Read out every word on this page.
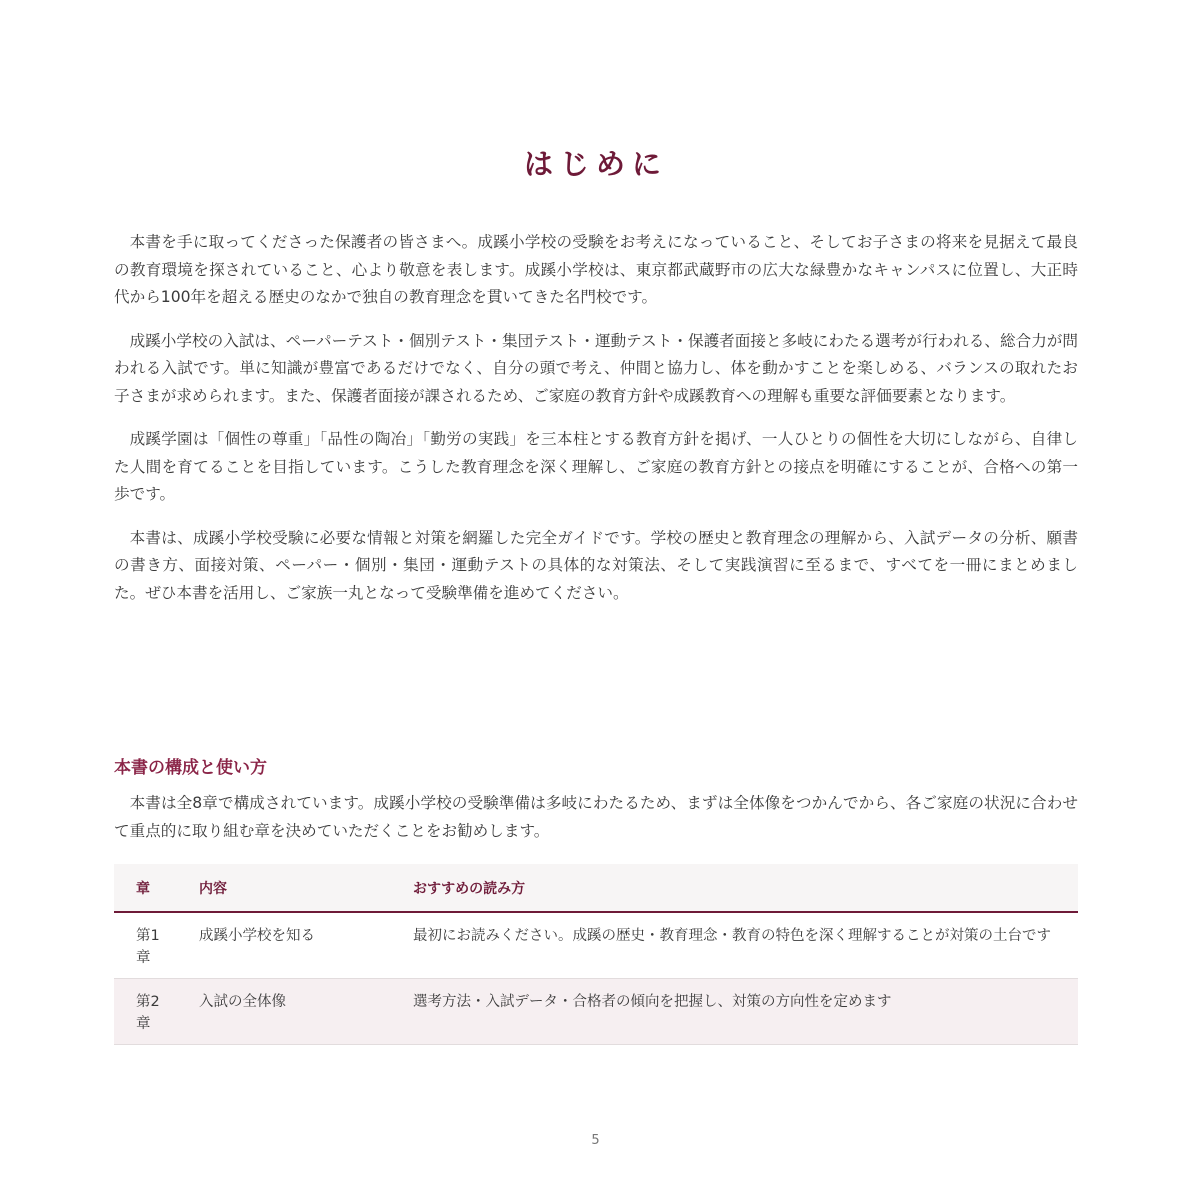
はじめに

本書を手に取ってくださった保護者の皆さまへ。成蹊小学校の受験をお考えになっていること、そしてお子さまの将来を見据えて最良の教育環境を探されていること、心より敬意を表します。成蹊小学校は、東京都武蔵野市の広大な緑豊かなキャンパスに位置し、大正時代から100年を超える歴史のなかで独自の教育理念を貫いてきた名門校です。

成蹊小学校の入試は、ペーパーテスト・個別テスト・集団テスト・運動テスト・保護者面接と多岐にわたる選考が行われる、総合力が問われる入試です。単に知識が豊富であるだけでなく、自分の頭で考え、仲間と協力し、体を動かすことを楽しめる、バランスの取れたお子さまが求められます。また、保護者面接が課されるため、ご家庭の教育方針や成蹊教育への理解も重要な評価要素となります。

成蹊学園は「個性の尊重」「品性の陶冶」「勤労の実践」を三本柱とする教育方針を掲げ、一人ひとりの個性を大切にしながら、自律した人間を育てることを目指しています。こうした教育理念を深く理解し、ご家庭の教育方針との接点を明確にすることが、合格への第一歩です。

本書は、成蹊小学校受験に必要な情報と対策を網羅した完全ガイドです。学校の歴史と教育理念の理解から、入試データの分析、願書の書き方、面接対策、ペーパー・個別・集団・運動テストの具体的な対策法、そして実践演習に至るまで、すべてを一冊にまとめました。ぜひ本書を活用し、ご家族一丸となって受験準備を進めてください。

本書の構成と使い方

本書は全8章で構成されています。成蹊小学校の受験準備は多岐にわたるため、まずは全体像をつかんでから、各ご家庭の状況に合わせて重点的に取り組む章を決めていただくことをお勧めします。

章	内容	おすすめの読み方
第1章	成蹊小学校を知る	最初にお読みください。成蹊の歴史・教育理念・教育の特色を深く理解することが対策の土台です
第2章	入試の全体像	選考方法・入試データ・合格者の傾向を把握し、対策の方向性を定めます
5
